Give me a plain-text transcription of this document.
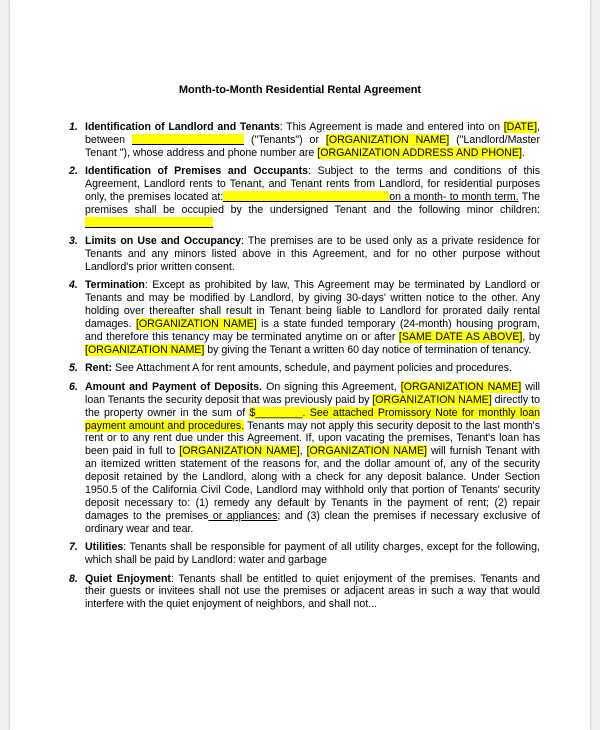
Month-to-Month Residential Rental Agreement
1. Identification of Landlord and Tenants: This Agreement is made and entered into on [DATE], between	("Tenants") or [ORGANIZATION NAME] ("Landlord/Master Tenant "), whose address and phone number are [ORGANIZATION ADDRESS AND PHONE].
2. Identification of Premises and Occupants: Subject to the terms and conditions of this Agreement, Landlord rents to Tenant, and Tenant rents from Landlord, for residential purposes only, the premises located at:	on a month- to month term. The premises shall be occupied by the undersigned Tenant and the following minor children:
3. Limits on Use and Occupancy: The premises are to be used only as a private residence for Tenants and any minors listed above in this Agreement, and for no other purpose without Landlord's prior written consent.
4. Termination: Except as prohibited by law, This Agreement may be terminated by Landlord or Tenants and may be modified by Landlord, by giving 30-days' written notice to the other. Any holding over thereafter shall result in Tenant being liable to Landlord for prorated daily rental damages. [ORGANIZATION NAME] is a state funded temporary (24-month) housing program, and therefore this tenancy may be terminated anytime on or after [SAME DATE AS ABOVE], by [ORGANIZATION NAME] by giving the Tenant a written 60 day notice of termination of tenancy.
5. Rent: See Attachment A for rent amounts, schedule, and payment policies and procedures.
6. Amount and Payment of Deposits. On signing this Agreement, [ORGANIZATION NAME] will loan Tenants the security deposit that was previously paid by [ORGANIZATION NAME] directly to the property owner in the sum of $________. See attached Promissory Note for monthly loan payment amount and procedures. Tenants may not apply this security deposit to the last month's rent or to any rent due under this Agreement. If, upon vacating the premises, Tenant's loan has been paid in full to [ORGANIZATION NAME], [ORGANIZATION NAME] will furnish Tenant with an itemized written statement of the reasons for, and the dollar amount of, any of the security deposit retained by the Landlord, along with a check for any deposit balance. Under Section 1950.5 of the California Civil Code, Landlord may withhold only that portion of Tenants' security deposit necessary to: (1) remedy any default by Tenants in the payment of rent; (2) repair damages to the premises or appliances; and (3) clean the premises if necessary exclusive of ordinary wear and tear.
7. Utilities: Tenants shall be responsible for payment of all utility charges, except for the following, which shall be paid by Landlord: water and garbage
8. Quiet Enjoyment: Tenants shall be entitled to quiet enjoyment of the premises. Tenants and their guests or invitees shall not use the premises or adjacent areas in such a way that would interfere with the quiet enjoyment of neighbors, and shall not...
